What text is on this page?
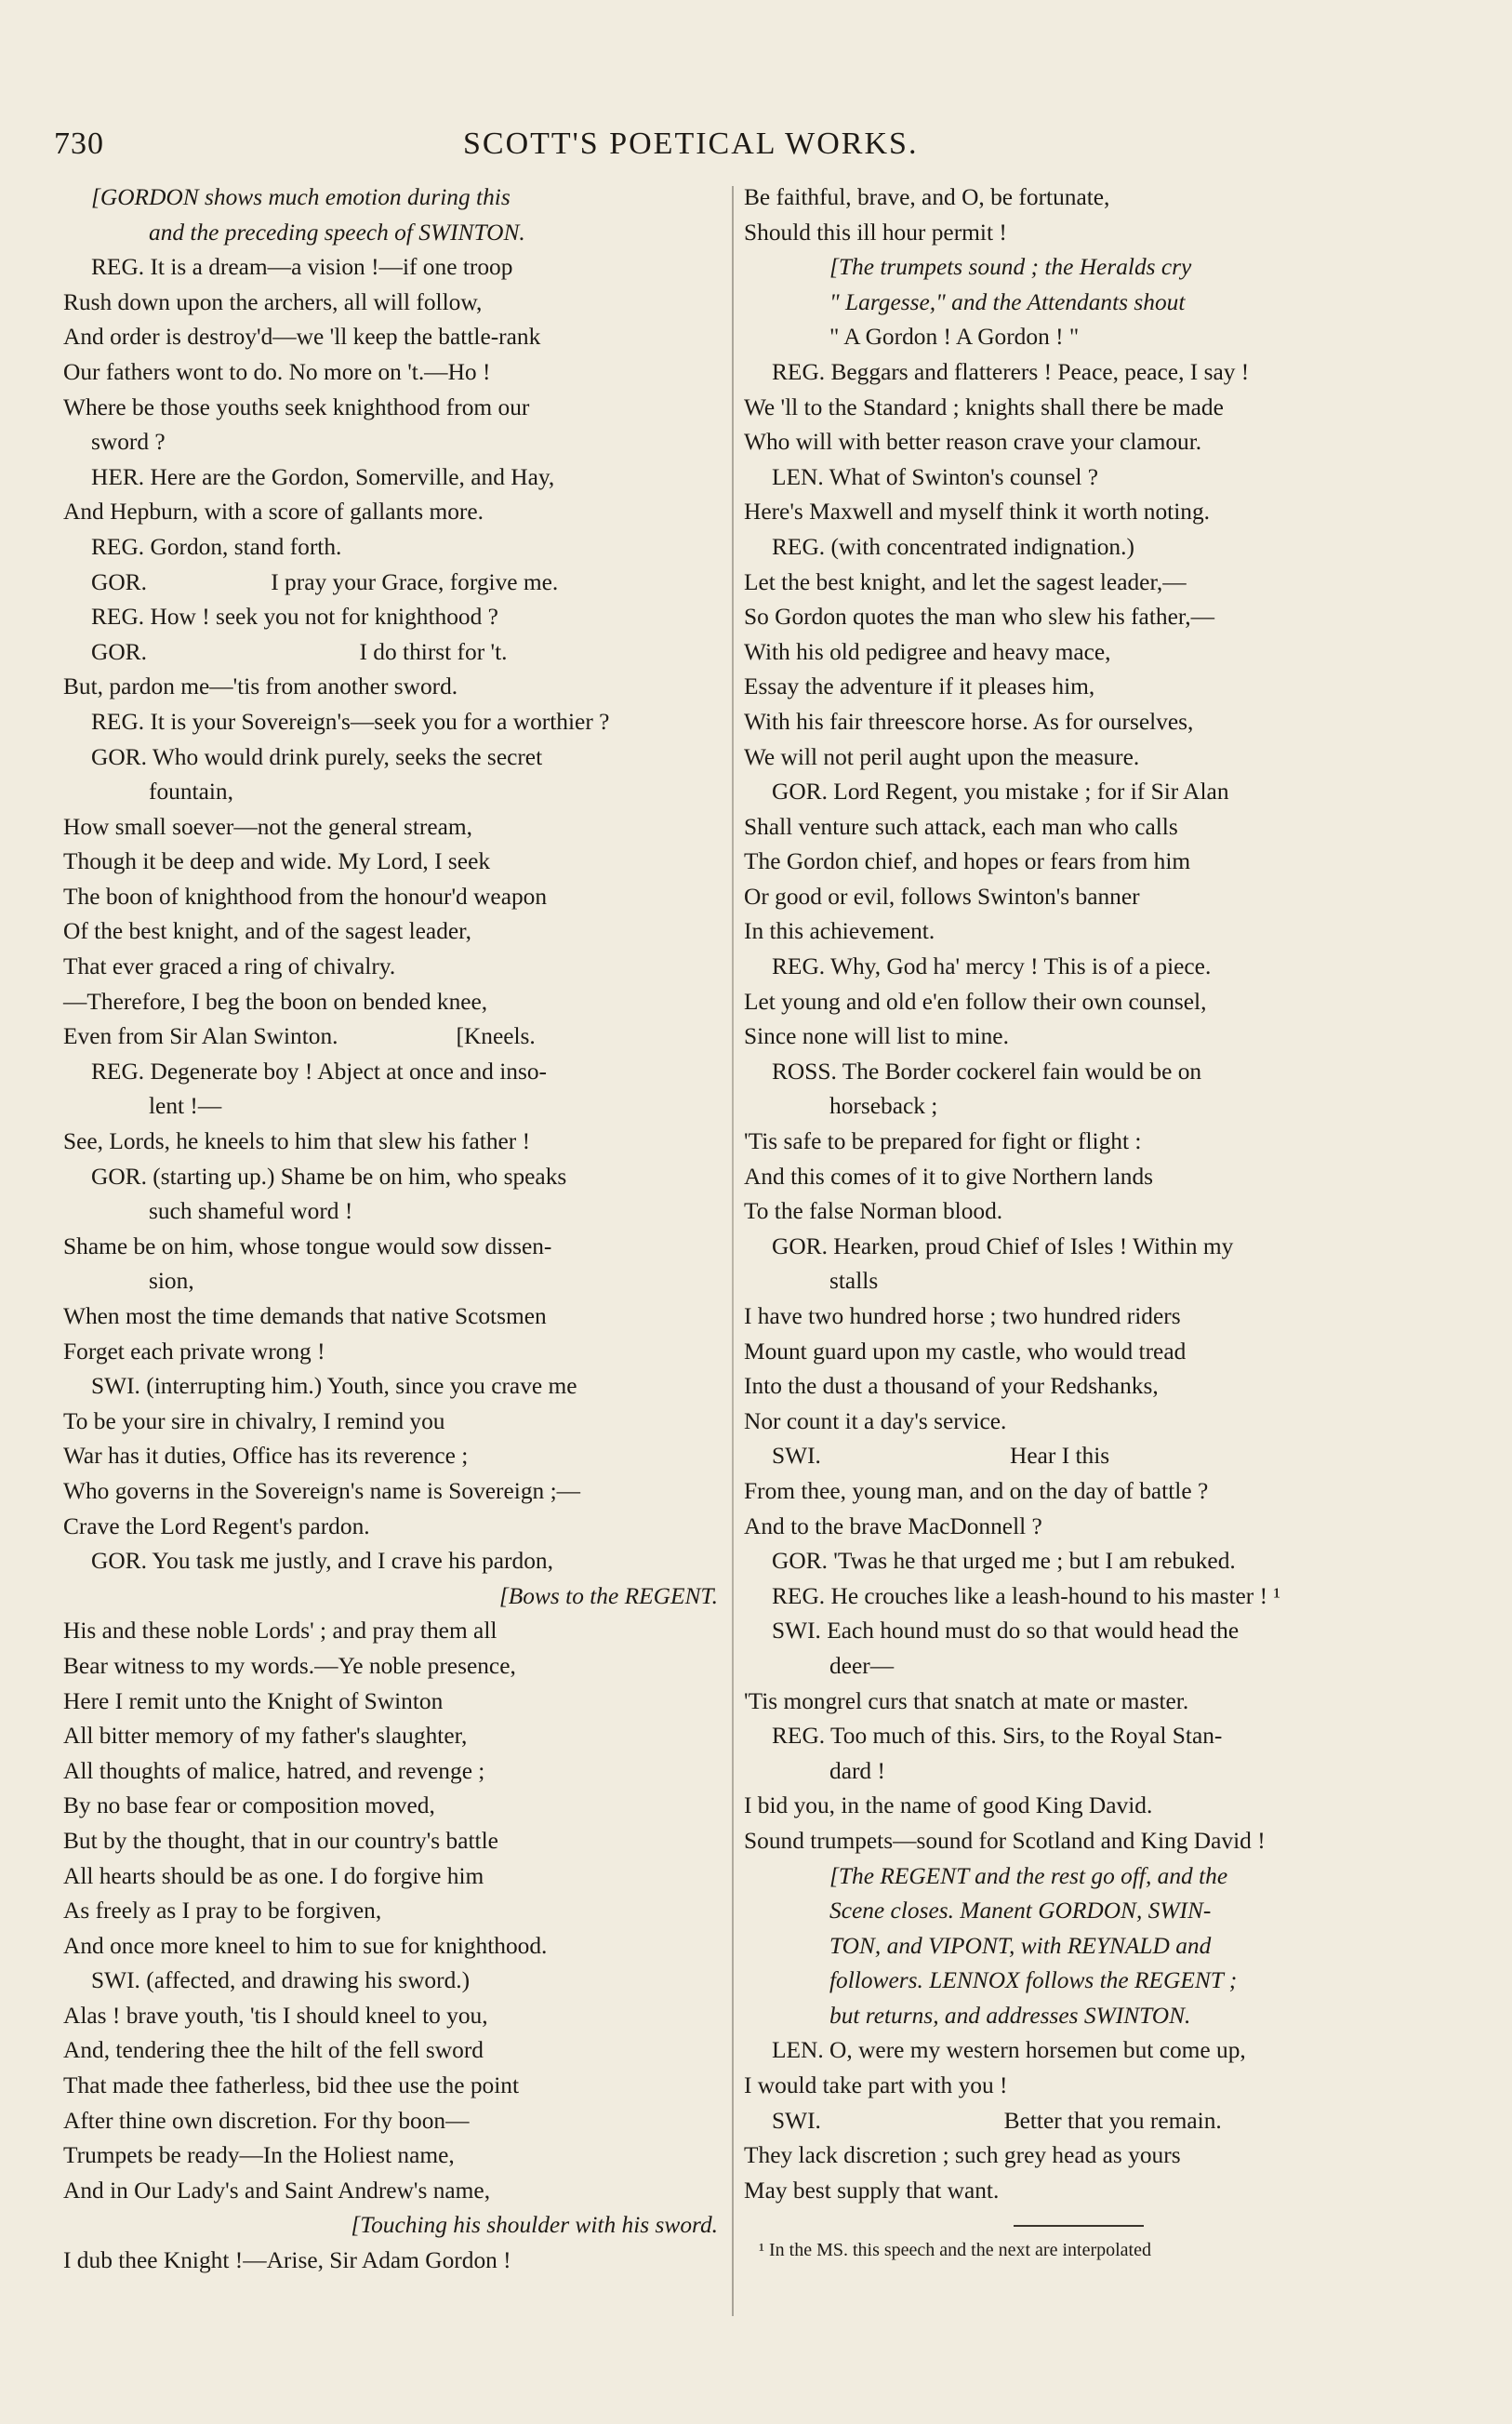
730	SCOTT'S POETICAL WORKS.
[GORDON shows much emotion during this
and the preceding speech of SWINTON.
REG. It is a dream—a vision !—if one troop
Rush down upon the archers, all will follow,
And order is destroy'd—we 'll keep the battle-rank
Our fathers wont to do. No more on 't.—Ho !
Where be those youths seek knighthood from our
sword ?
HER. Here are the Gordon, Somerville, and Hay,
And Hepburn, with a score of gallants more.
REG. Gordon, stand forth.
GOR.                     I pray your Grace, forgive me.
REG. How ! seek you not for knighthood ?
GOR.                                    I do thirst for 't.
But, pardon me—'tis from another sword.
REG. It is your Sovereign's—seek you for a worthier ?
GOR. Who would drink purely, seeks the secret
fountain,
How small soever—not the general stream,
Though it be deep and wide. My Lord, I seek
The boon of knighthood from the honour'd weapon
Of the best knight, and of the sagest leader,
That ever graced a ring of chivalry.
—Therefore, I beg the boon on bended knee,
Even from Sir Alan Swinton.                    [Kneels.
REG. Degenerate boy ! Abject at once and inso-
lent !—
See, Lords, he kneels to him that slew his father !
GOR. (starting up.) Shame be on him, who speaks
such shameful word !
Shame be on him, whose tongue would sow dissen-
sion,
When most the time demands that native Scotsmen
Forget each private wrong !
SWI. (interrupting him.) Youth, since you crave me
To be your sire in chivalry, I remind you
War has it duties, Office has its reverence ;
Who governs in the Sovereign's name is Sovereign ;—
Crave the Lord Regent's pardon.
GOR. You task me justly, and I crave his pardon,
[Bows to the REGENT.
His and these noble Lords' ; and pray them all
Bear witness to my words.—Ye noble presence,
Here I remit unto the Knight of Swinton
All bitter memory of my father's slaughter,
All thoughts of malice, hatred, and revenge ;
By no base fear or composition moved,
But by the thought, that in our country's battle
All hearts should be as one. I do forgive him
As freely as I pray to be forgiven,
And once more kneel to him to sue for knighthood.
SWI. (affected, and drawing his sword.)
Alas ! brave youth, 'tis I should kneel to you,
And, tendering thee the hilt of the fell sword
That made thee fatherless, bid thee use the point
After thine own discretion. For thy boon—
Trumpets be ready—In the Holiest name,
And in Our Lady's and Saint Andrew's name,
[Touching his shoulder with his sword.
I dub thee Knight !—Arise, Sir Adam Gordon !
Be faithful, brave, and O, be fortunate,
Should this ill hour permit !
[The trumpets sound ; the Heralds cry
" Largesse," and the Attendants shout
" A Gordon ! A Gordon ! "
REG. Beggars and flatterers ! Peace, peace, I say !
We 'll to the Standard ; knights shall there be made
Who will with better reason crave your clamour.
LEN. What of Swinton's counsel ?
Here's Maxwell and myself think it worth noting.
REG. (with concentrated indignation.)
Let the best knight, and let the sagest leader,—
So Gordon quotes the man who slew his father,—
With his old pedigree and heavy mace,
Essay the adventure if it pleases him,
With his fair threescore horse. As for ourselves,
We will not peril aught upon the measure.
GOR. Lord Regent, you mistake ; for if Sir Alan
Shall venture such attack, each man who calls
The Gordon chief, and hopes or fears from him
Or good or evil, follows Swinton's banner
In this achievement.
REG. Why, God ha' mercy ! This is of a piece.
Let young and old e'en follow their own counsel,
Since none will list to mine.
ROSS. The Border cockerel fain would be on
horseback ;
'Tis safe to be prepared for fight or flight :
And this comes of it to give Northern lands
To the false Norman blood.
GOR. Hearken, proud Chief of Isles ! Within my
stalls
I have two hundred horse ; two hundred riders
Mount guard upon my castle, who would tread
Into the dust a thousand of your Redshanks,
Nor count it a day's service.
SWI.                                Hear I this
From thee, young man, and on the day of battle ?
And to the brave MacDonnell ?
GOR. 'Twas he that urged me ; but I am rebuked.
REG. He crouches like a leash-hound to his master ! ¹
SWI. Each hound must do so that would head the
deer—
'Tis mongrel curs that snatch at mate or master.
REG. Too much of this. Sirs, to the Royal Stan-
dard !
I bid you, in the name of good King David.
Sound trumpets—sound for Scotland and King David !
[The REGENT and the rest go off, and the
Scene closes. Manent GORDON, SWIN-
TON, and VIPONT, with REYNALD and
followers. LENNOX follows the REGENT ;
but returns, and addresses SWINTON.
LEN. O, were my western horsemen but come up,
I would take part with you !
SWI.                               Better that you remain.
They lack discretion ; such grey head as yours
May best supply that want.
¹ In the MS. this speech and the next are interpolated
